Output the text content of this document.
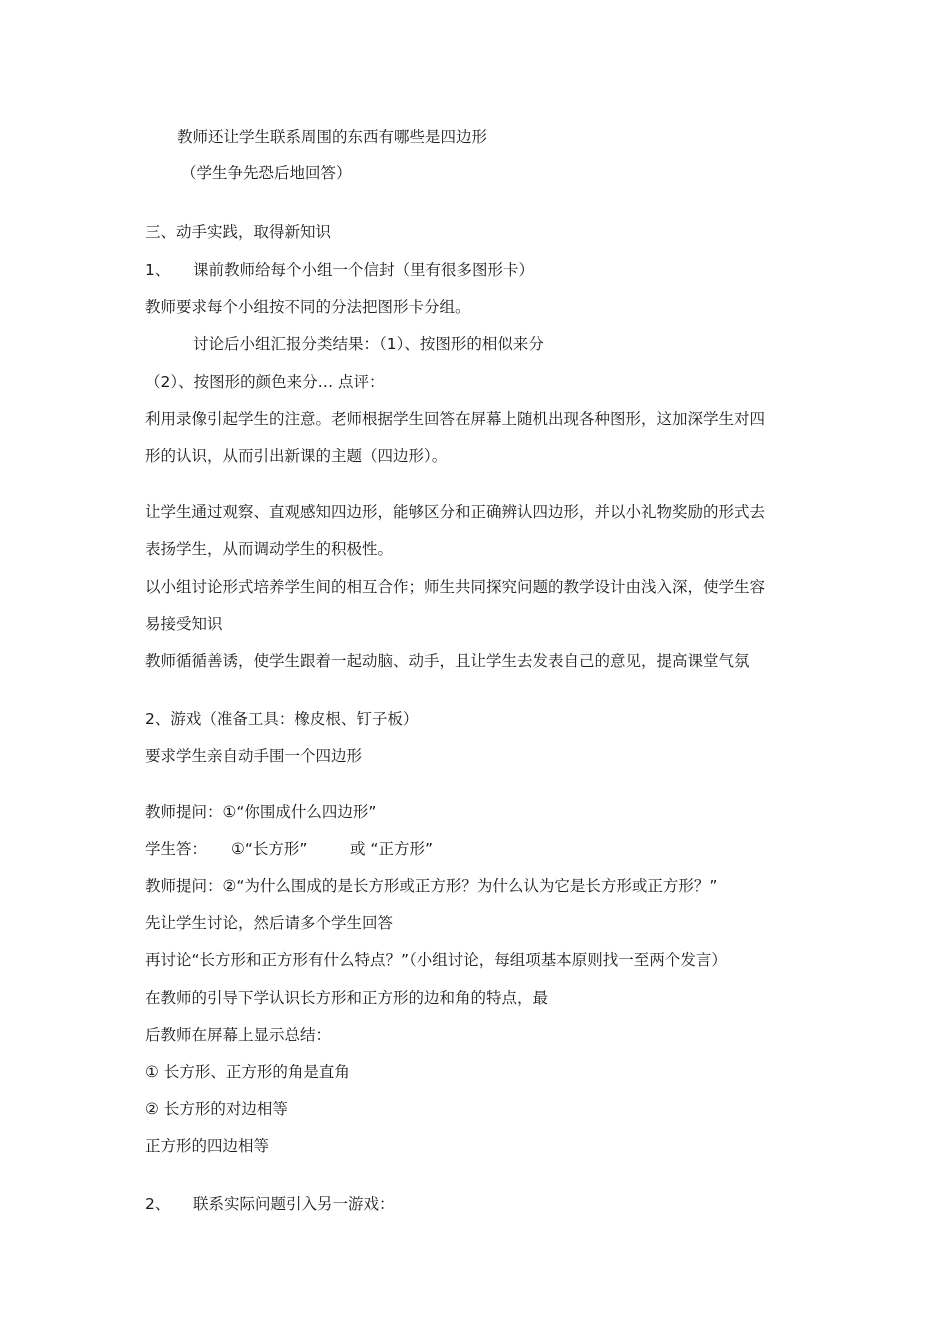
教师还让学生联系周围的东西有哪些是四边形
（学生争先恐后地回答）
三、动手实践，取得新知识
1、 课前教师给每个小组一个信封（里有很多图形卡）
教师要求每个小组按不同的分法把图形卡分组。
讨论后小组汇报分类结果：（1）、按图形的相似来分
（2）、按图形的颜色来分… 点评：
利用录像引起学生的注意。老师根据学生回答在屏幕上随机出现各种图形，这加深学生对四
形的认识，从而引出新课的主题（四边形）。
让学生通过观察、直观感知四边形，能够区分和正确辨认四边形，并以小礼物奖励的形式去
表扬学生，从而调动学生的积极性。
以小组讨论形式培养学生间的相互合作；师生共同探究问题的教学设计由浅入深，使学生容
易接受知识
教师循循善诱，使学生跟着一起动脑、动手，且让学生去发表自己的意见，提高课堂气氛
2、游戏（准备工具：橡皮根、钉子板）
要求学生亲自动手围一个四边形
教师提问：①“你围成什么四边形”
学生答： ①“长方形”	或 “正方形”
教师提问：②“为什么围成的是长方形或正方形？为什么认为它是长方形或正方形？”
先让学生讨论，然后请多个学生回答
再讨论“长方形和正方形有什么特点？”（小组讨论，每组项基本原则找一至两个发言）
在教师的引导下学认识长方形和正方形的边和角的特点，最
后教师在屏幕上显示总结：
① 长方形、正方形的角是直角
② 长方形的对边相等
正方形的四边相等
2、 联系实际问题引入另一游戏：
